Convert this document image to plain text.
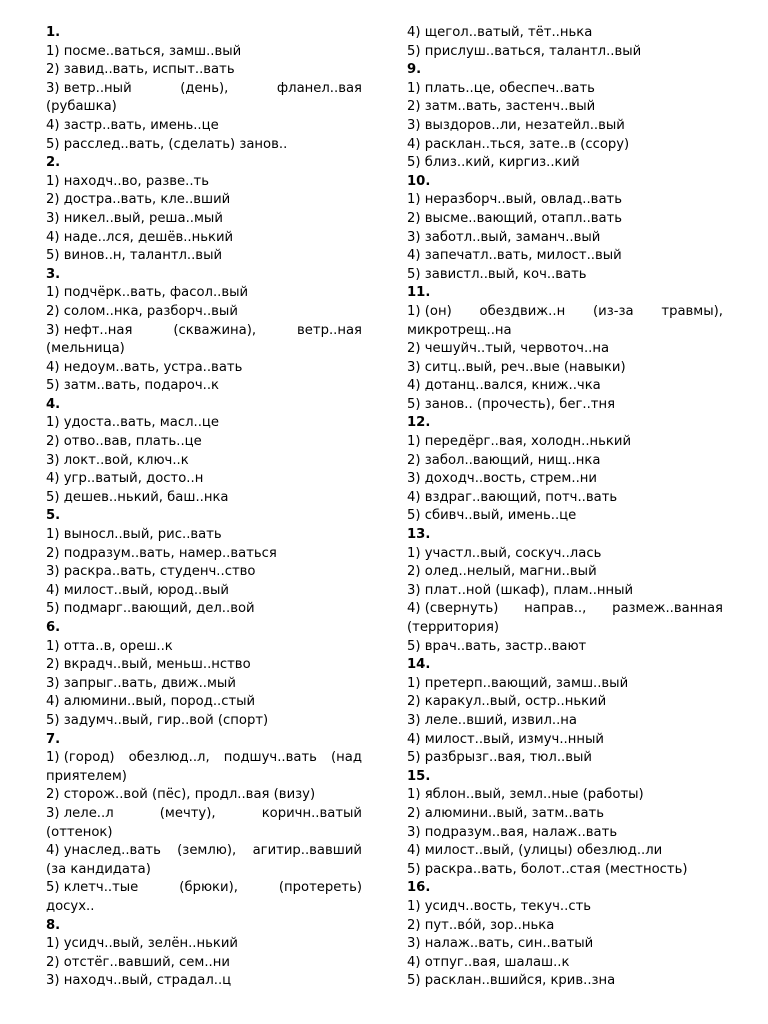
1.
1) посме..ваться, замш..вый
2) завид..вать, испыт..вать
3) ветр..ный	(день),	фланел..вая
(рубашка)
4) застр..вать, имень..це
5) расслед..вать, (сделать) занов..
2.
1) находч..во, разве..ть
2) достра..вать, кле..вший
3) никел..вый, реша..мый
4) наде..лся, дешёв..нький
5) винов..н, талантл..вый
3.
1) подчёрк..вать, фасол..вый
2) солом..нка, разборч..вый
3) нефт..ная	(скважина),	ветр..ная
(мельница)
4) недоум..вать, устра..вать
5) затм..вать, подароч..к
4.
1) удоста..вать, масл..це
2) отво..вав, плать..це
3) локт..вой, ключ..к
4) угр..ватый, досто..н
5) дешев..нький, баш..нка
5.
1) выносл..вый, рис..вать
2) подразум..вать, намер..ваться
3) раскра..вать, студенч..ство
4) милост..вый, юрод..вый
5) подмарг..вающий, дел..вой
6.
1) отта..в, ореш..к
2) вкрадч..вый, меньш..нство
3) запрыг..вать, движ..мый
4) алюмини..вый, пород..стый
5) задумч..вый, гир..вой (спорт)
7.
1) (город) обезлюд..л, подшуч..вать (над
приятелем)
2) сторож..вой (пёс), продл..вая (визу)
3) леле..л	(мечту),	коричн..ватый
(оттенок)
4) унаслед..вать (землю), агитир..вавший
(за кандидата)
5) клетч..тые	(брюки),	(протереть)
досух..
8.
1) усидч..вый, зелён..нький
2) отстёг..вавший, сем..ни
3) находч..вый, страдал..ц
4) щегол..ватый, тёт..нька
5) прислуш..ваться, талантл..вый
9.
1) плать..це, обеспеч..вать
2) затм..вать, застенч..вый
3) выздоров..ли, незатейл..вый
4) расклан..ться, зате..в (ссору)
5) близ..кий, киргиз..кий
10.
1) неразборч..вый, овлад..вать
2) высме..вающий, отапл..вать
3) заботл..вый, заманч..вый
4) запечатл..вать, милост..вый
5) завистл..вый, коч..вать
11.
1) (он) обездвиж..н (из-за травмы),
микротрещ..на
2) чешуйч..тый, червоточ..на
3) ситц..вый, реч..вые (навыки)
4) дотанц..вался, книж..чка
5) занов.. (прочесть), бег..тня
12.
1) передёрг..вая, холодн..нький
2) забол..вающий, нищ..нка
3) доходч..вость, стрем..ни
4) вздраг..вающий, потч..вать
5) сбивч..вый, имень..це
13.
1) участл..вый, соскуч..лась
2) олед..нелый, магни..вый
3) плат..ной (шкаф), плам..нный
4) (свернуть) направ.., размеж..ванная
(территория)
5) врач..вать, застр..вают
14.
1) претерп..вающий, замш..вый
2) каракул..вый, остр..нький
3) леле..вший, извил..на
4) милост..вый, измуч..нный
5) разбрызг..вая, тюл..вый
15.
1) яблон..вый, земл..ные (работы)
2) алюмини..вый, затм..вать
3) подразум..вая, налаж..вать
4) милост..вый, (улицы) обезлюд..ли
5) раскра..вать, болот..стая (местность)
16.
1) усидч..вость, текуч..сть
2) пут..во́й, зор..нька
3) налаж..вать, син..ватый
4) отпуг..вая, шалаш..к
5) расклан..вшийся, крив..зна
